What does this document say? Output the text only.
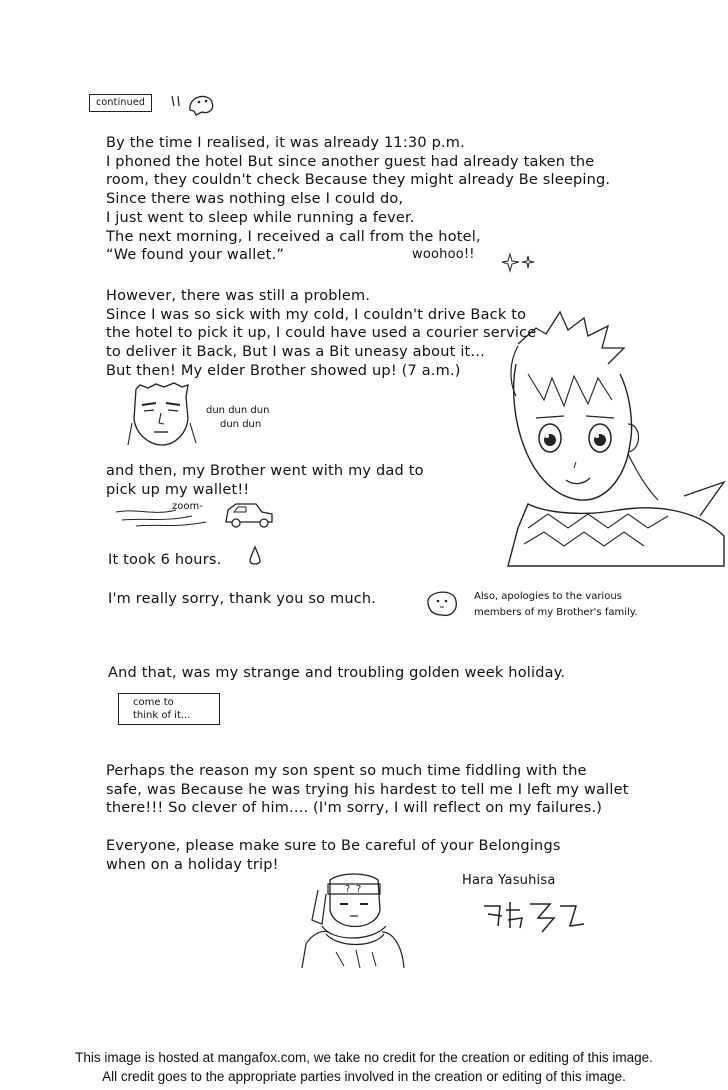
continued
By the time I realised, it was already 11:30 p.m.
I phoned the hotel But since another guest had already taken the
room, they couldn't check Because they might already Be sleeping.
Since there was nothing else I could do,
I just went to sleep while running a fever.
The next morning, I received a call from the hotel,
“We found your wallet.”	woohoo!!
However, there was still a problem.
Since I was so sick with my cold, I couldn't drive Back to
the hotel to pick it up, I could have used a courier service
to deliver it Back, But I was a Bit uneasy about it...
But then! My elder Brother showed up! (7 a.m.)
dun dun dun
dun dun
and then, my Brother went with my dad to
pick up my wallet!!
zoom-
It took 6 hours.
I'm really sorry, thank you so much.	Also, apologies to the various
members of my Brother's family.
And that, was my strange and troubling golden week holiday.
come to
think of it...
Perhaps the reason my son spent so much time fiddling with the
safe, was Because he was trying his hardest to tell me I left my wallet
there!!! So clever of him.... (I'm sorry, I will reflect on my failures.)
Everyone, please make sure to Be careful of your Belongings
when on a holiday trip!
? ?
Hara Yasuhisa
This image is hosted at mangafox.com, we take no credit for the creation or editing of this image.
All credit goes to the appropriate parties involved in the creation or editing of this image.
